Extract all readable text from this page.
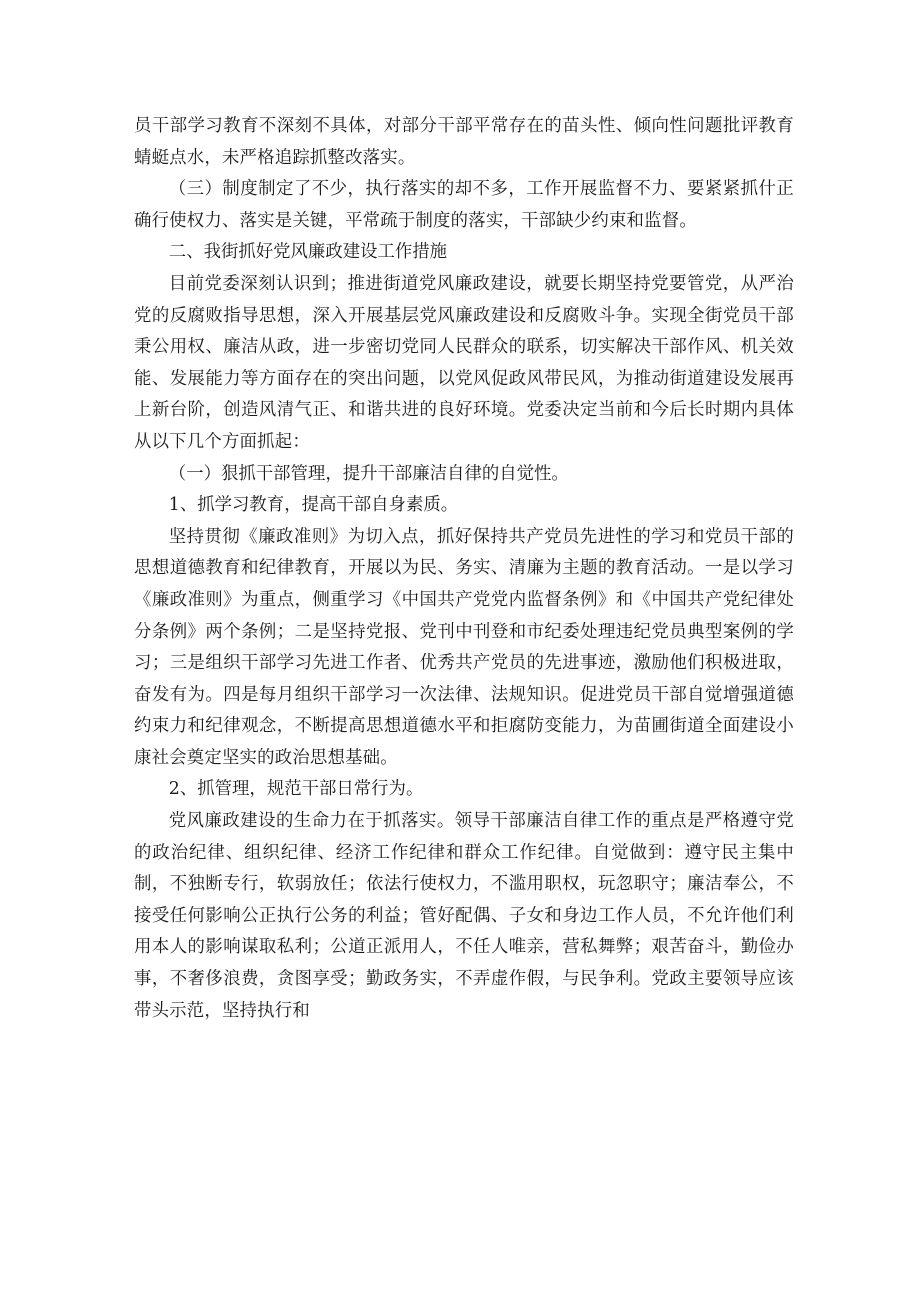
员干部学习教育不深刻不具体，对部分干部平常存在的苗头性、倾向性问题批评教育蜻蜓点水，未严格追踪抓整改落实。

（三）制度制定了不少，执行落实的却不多，工作开展监督不力、要紧紧抓什正确行使权力、落实是关键，平常疏于制度的落实，干部缺少约束和监督。

二、我街抓好党风廉政建设工作措施

目前党委深刻认识到；推进街道党风廉政建设，就要长期坚持党要管党，从严治党的反腐败指导思想，深入开展基层党风廉政建设和反腐败斗争。实现全街党员干部秉公用权、廉洁从政，进一步密切党同人民群众的联系，切实解决干部作风、机关效能、发展能力等方面存在的突出问题，以党风促政风带民风，为推动街道建设发展再上新台阶，创造风清气正、和谐共进的良好环境。党委决定当前和今后长时期内具体从以下几个方面抓起：

（一）狠抓干部管理，提升干部廉洁自律的自觉性。

1、抓学习教育，提高干部自身素质。

坚持贯彻《廉政准则》为切入点，抓好保持共产党员先进性的学习和党员干部的思想道德教育和纪律教育，开展以为民、务实、清廉为主题的教育活动。一是以学习《廉政准则》为重点，侧重学习《中国共产党党内监督条例》和《中国共产党纪律处分条例》两个条例；二是坚持党报、党刊中刊登和市纪委处理违纪党员典型案例的学习；三是组织干部学习先进工作者、优秀共产党员的先进事迹，激励他们积极进取，奋发有为。四是每月组织干部学习一次法律、法规知识。促进党员干部自觉增强道德约束力和纪律观念，不断提高思想道德水平和拒腐防变能力，为苗圃街道全面建设小康社会奠定坚实的政治思想基础。

2、抓管理，规范干部日常行为。

党风廉政建设的生命力在于抓落实。领导干部廉洁自律工作的重点是严格遵守党的政治纪律、组织纪律、经济工作纪律和群众工作纪律。自觉做到：遵守民主集中制，不独断专行，软弱放任；依法行使权力，不滥用职权，玩忽职守；廉洁奉公，不接受任何影响公正执行公务的利益；管好配偶、子女和身边工作人员，不允许他们利用本人的影响谋取私利；公道正派用人，不任人唯亲，营私舞弊；艰苦奋斗，勤俭办事，不奢侈浪费，贪图享受；勤政务实，不弄虚作假，与民争利。党政主要领导应该带头示范，坚持执行和
